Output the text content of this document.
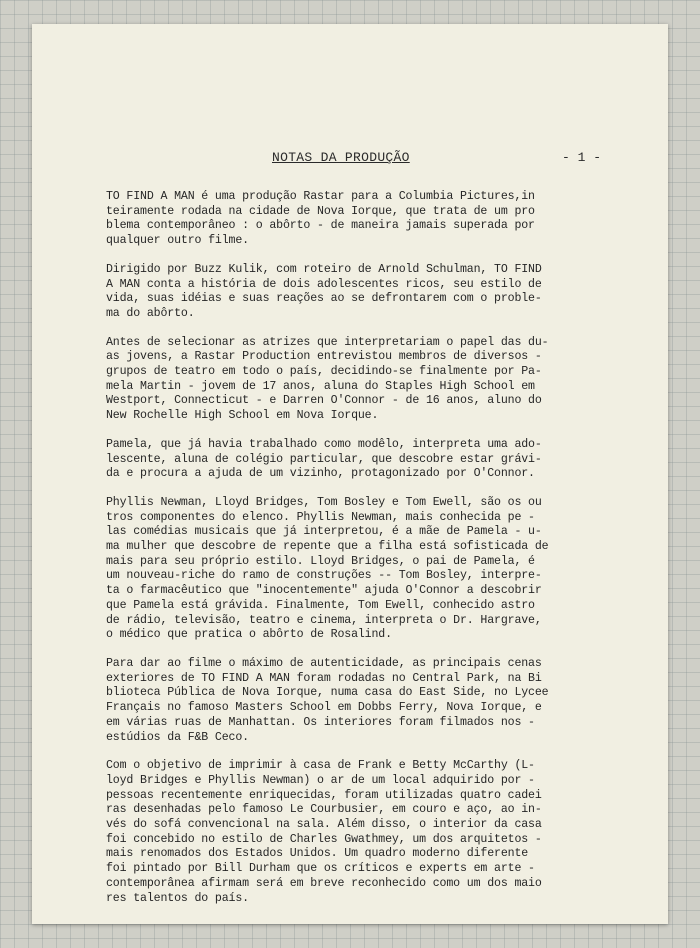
NOTAS DA PRODUÇÃO	- 1 -
TO FIND A MAN é uma produção Rastar para a Columbia Pictures,in
teiramente rodada na cidade de Nova Iorque, que trata de um pro
blema contemporâneo : o abôrto - de maneira jamais superada por
qualquer outro filme.
Dirigido por Buzz Kulik, com roteiro de Arnold Schulman, TO FIND
A MAN conta a história de dois adolescentes ricos, seu estilo de
vida, suas idéias e suas reações ao se defrontarem com o proble-
ma do abôrto.
Antes de selecionar as atrizes que interpretariam o papel das du-
as jovens, a Rastar Production entrevistou membros de diversos -
grupos de teatro em todo o país, decidindo-se finalmente por Pa-
mela Martin - jovem de 17 anos, aluna do Staples High School em
Westport, Connecticut - e Darren O'Connor - de 16 anos, aluno do
New Rochelle High School em Nova Iorque.
Pamela, que já havia trabalhado como modêlo, interpreta uma ado-
lescente, aluna de colégio particular, que descobre estar grávi-
da e procura a ajuda de um vizinho, protagonizado por O'Connor.
Phyllis Newman, Lloyd Bridges, Tom Bosley e Tom Ewell, são os ou
tros componentes do elenco. Phyllis Newman, mais conhecida pe -
las comédias musicais que já interpretou, é a mãe de Pamela - u-
ma mulher que descobre de repente que a filha está sofisticada de
mais para seu próprio estilo. Lloyd Bridges, o pai de Pamela, é
um nouveau-riche do ramo de construções -- Tom Bosley, interpre-
ta o farmacêutico que "inocentemente" ajuda O'Connor a descobrir
que Pamela está grávida. Finalmente, Tom Ewell, conhecido astro
de rádio, televisão, teatro e cinema, interpreta o Dr. Hargrave,
o médico que pratica o abôrto de Rosalind.
Para dar ao filme o máximo de autenticidade, as principais cenas
exteriores de TO FIND A MAN foram rodadas no Central Park, na Bi
blioteca Pública de Nova Iorque, numa casa do East Side, no Lycee
Français no famoso Masters School em Dobbs Ferry, Nova Iorque, e
em várias ruas de Manhattan. Os interiores foram filmados nos -
estúdios da F&B Ceco.
Com o objetivo de imprimir à casa de Frank e Betty McCarthy (L-
loyd Bridges e Phyllis Newman) o ar de um local adquirido por -
pessoas recentemente enriquecidas, foram utilizadas quatro cadei
ras desenhadas pelo famoso Le Courbusier, em couro e aço, ao in-
vés do sofá convencional na sala. Além disso, o interior da casa
foi concebido no estilo de Charles Gwathmey, um dos arquitetos -
mais renomados dos Estados Unidos. Um quadro moderno diferente
foi pintado por Bill Durham que os críticos e experts em arte -
contemporânea afirmam será em breve reconhecido como um dos maio
res talentos do país.
